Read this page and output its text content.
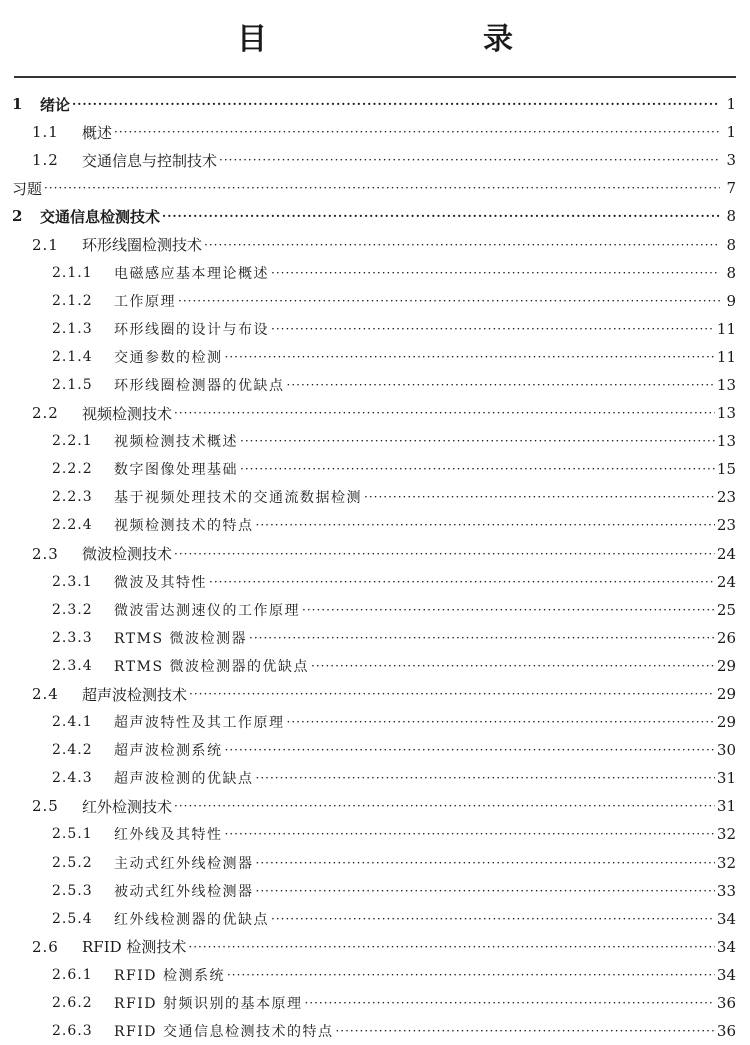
目　　录
1	绪论 ·····	1
1.1	概述 ·····	1
1.2	交通信息与控制技术 ·····	3
习题 ·····	7
2	交通信息检测技术 ·····	8
2.1	环形线圈检测技术 ·····	8
2.1.1	电磁感应基本理论概述 ·····	8
2.1.2	工作原理 ·····	9
2.1.3	环形线圈的设计与布设 ·····	11
2.1.4	交通参数的检测 ·····	11
2.1.5	环形线圈检测器的优缺点 ·····	13
2.2	视频检测技术 ·····	13
2.2.1	视频检测技术概述 ·····	13
2.2.2	数字图像处理基础 ·····	15
2.2.3	基于视频处理技术的交通流数据检测 ·····	23
2.2.4	视频检测技术的特点 ·····	23
2.3	微波检测技术 ·····	24
2.3.1	微波及其特性 ·····	24
2.3.2	微波雷达测速仪的工作原理 ·····	25
2.3.3	RTMS 微波检测器 ·····	26
2.3.4	RTMS 微波检测器的优缺点 ·····	29
2.4	超声波检测技术 ·····	29
2.4.1	超声波特性及其工作原理 ·····	29
2.4.2	超声波检测系统 ·····	30
2.4.3	超声波检测的优缺点 ·····	31
2.5	红外检测技术 ·····	31
2.5.1	红外线及其特性 ·····	32
2.5.2	主动式红外线检测器 ·····	32
2.5.3	被动式红外线检测器 ·····	33
2.5.4	红外线检测器的优缺点 ·····	34
2.6	RFID 检测技术 ·····	34
2.6.1	RFID 检测系统 ·····	34
2.6.2	RFID 射频识别的基本原理 ·····	36
2.6.3	RFID 交通信息检测技术的特点 ·····	36
